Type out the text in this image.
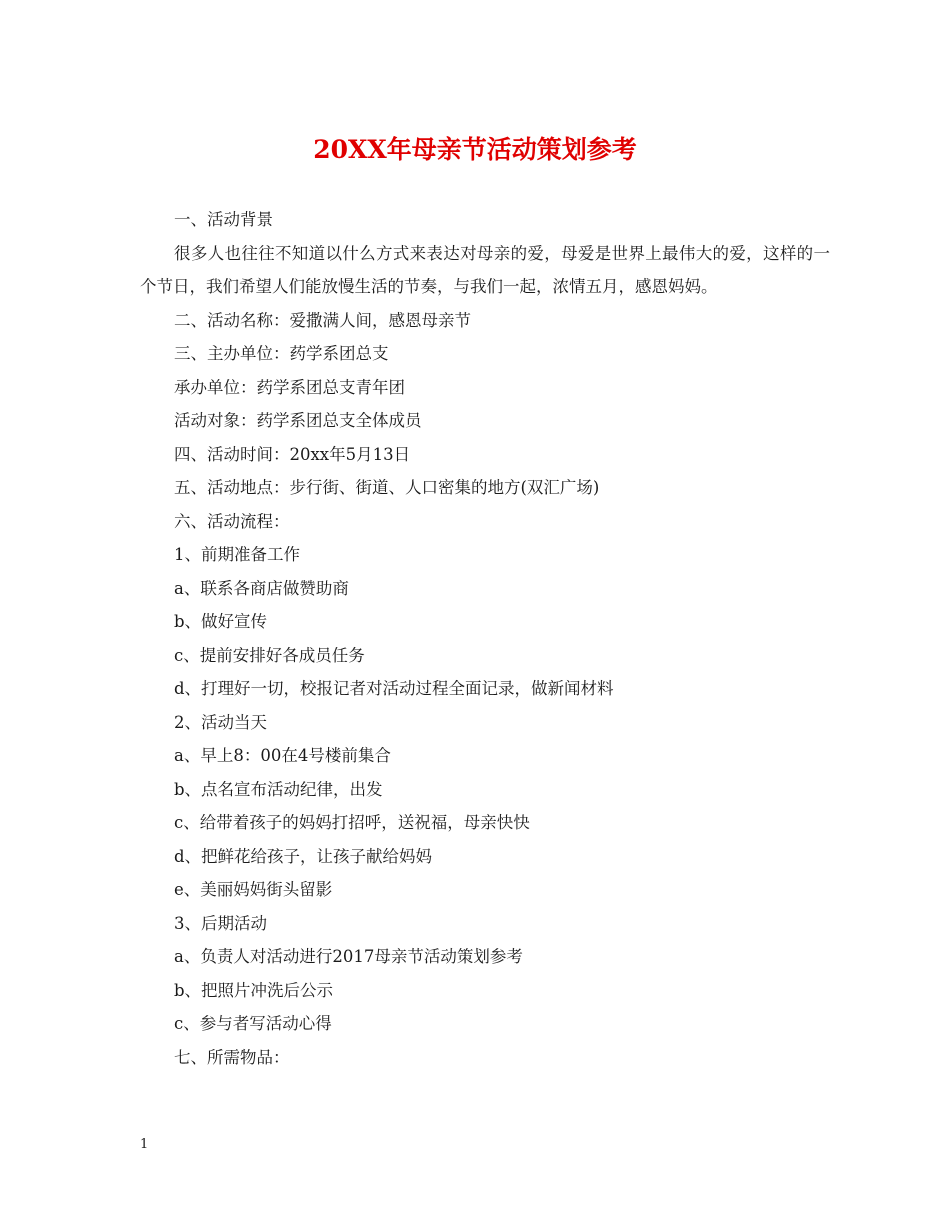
20XX年母亲节活动策划参考

一、活动背景

很多人也往往不知道以什么方式来表达对母亲的爱，母爱是世界上最伟大的爱，这样的一个节日，我们希望人们能放慢生活的节奏，与我们一起，浓情五月，感恩妈妈。

二、活动名称：爱撒满人间，感恩母亲节

三、主办单位：药学系团总支

承办单位：药学系团总支青年团

活动对象：药学系团总支全体成员

四、活动时间：20xx年5月13日

五、活动地点：步行街、街道、人口密集的地方(双汇广场)

六、活动流程：

1、前期准备工作

a、联系各商店做赞助商

b、做好宣传

c、提前安排好各成员任务

d、打理好一切，校报记者对活动过程全面记录，做新闻材料

2、活动当天

a、早上8：00在4号楼前集合

b、点名宣布活动纪律，出发

c、给带着孩子的妈妈打招呼，送祝福，母亲快快

d、把鲜花给孩子，让孩子献给妈妈

e、美丽妈妈街头留影

3、后期活动

a、负责人对活动进行2017母亲节活动策划参考

b、把照片冲洗后公示

c、参与者写活动心得

七、所需物品：

1
